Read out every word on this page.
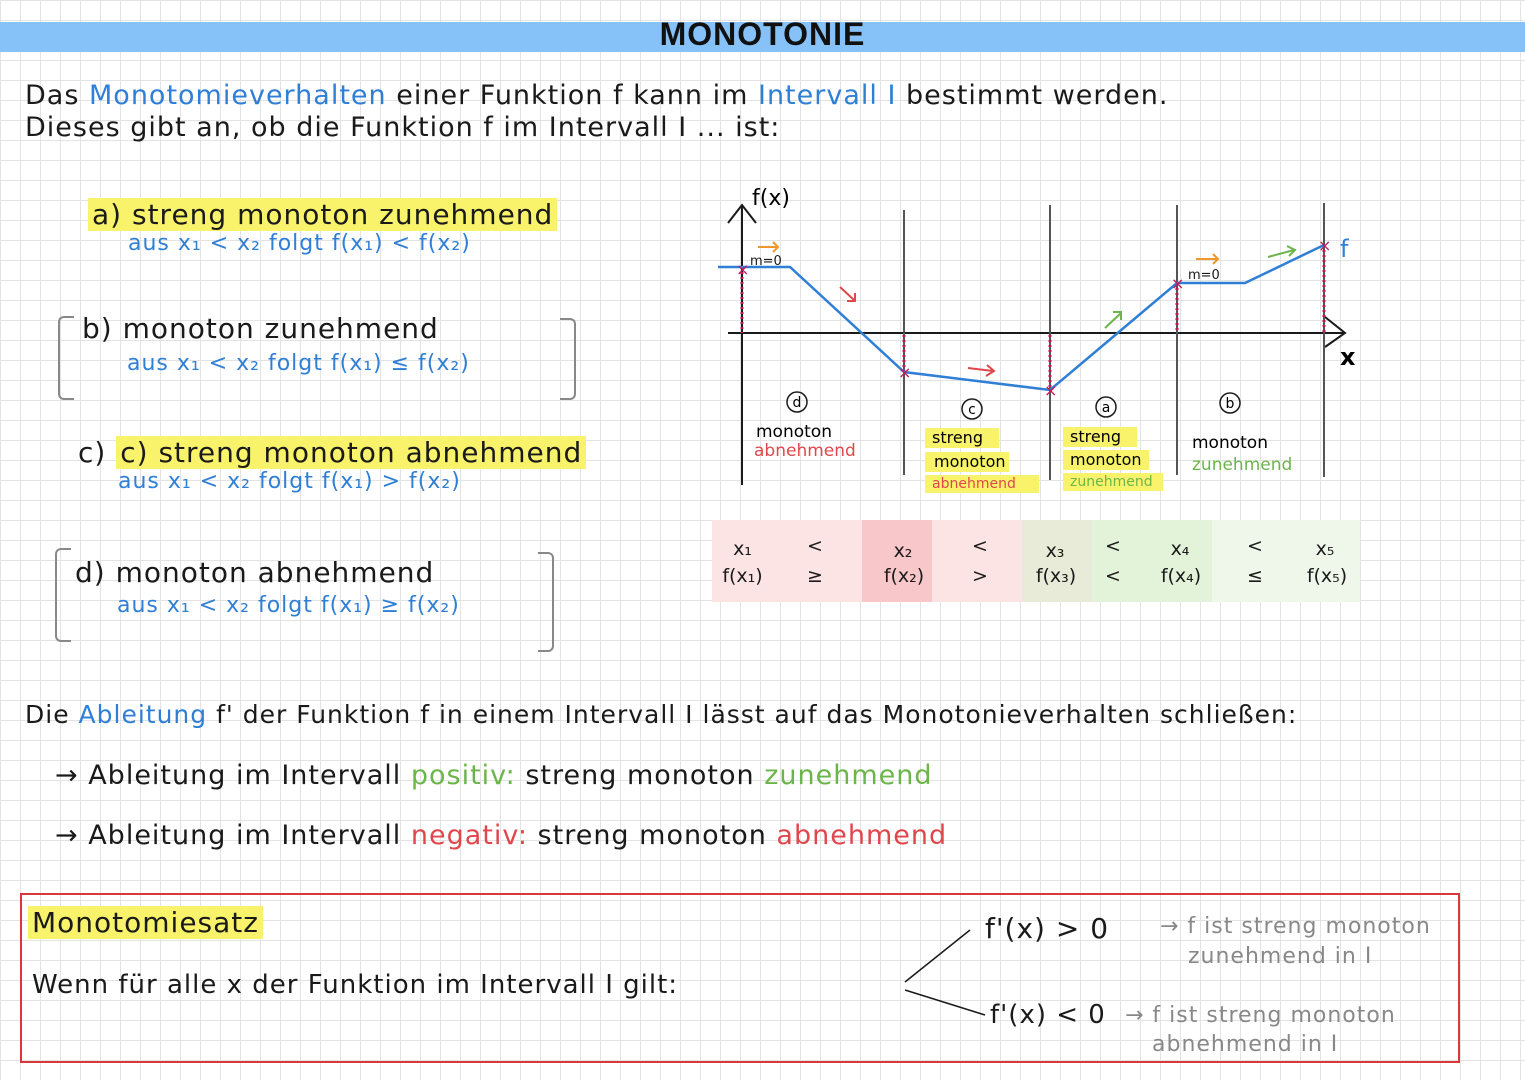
MONOTONIE
Das Monotomieverhalten einer Funktion f kann im Intervall I bestimmt werden.
Dieses gibt an, ob die Funktion f im Intervall I ... ist:
a) streng monoton zunehmend
aus x₁ < x₂ folgt f(x₁) < f(x₂)
b) monoton zunehmend
aus x₁ < x₂ folgt f(x₁) ≤ f(x₂)
c) c) streng monoton abnehmend
aus x₁ < x₂ folgt f(x₁) > f(x₂)
d) monoton abnehmend
aus x₁ < x₂ folgt f(x₁) ≥ f(x₂)
f(x)
x
f
×
×
×
×
×
m=0
m=0
d
monoton
abnehmend
c
streng
monoton
abnehmend
a
streng
monoton
zunehmend
b
monoton
zunehmend
x₁
f(x₁)
<
≥
x₂
f(x₂)
<
>
x₃
f(x₃)
<
<
x₄
f(x₄)
<
≤
x₅
f(x₅)
Die Ableitung f' der Funktion f in einem Intervall I lässt auf das Monotonieverhalten schließen:
→ Ableitung im Intervall positiv: streng monoton zunehmend
→ Ableitung im Intervall negativ: streng monoton abnehmend
Monotomiesatz
Wenn für alle x der Funktion im Intervall I gilt:
f'(x) > 0 → f ist streng monoton
zunehmend in I
f'(x) < 0 → f ist streng monoton
abnehmend in I
